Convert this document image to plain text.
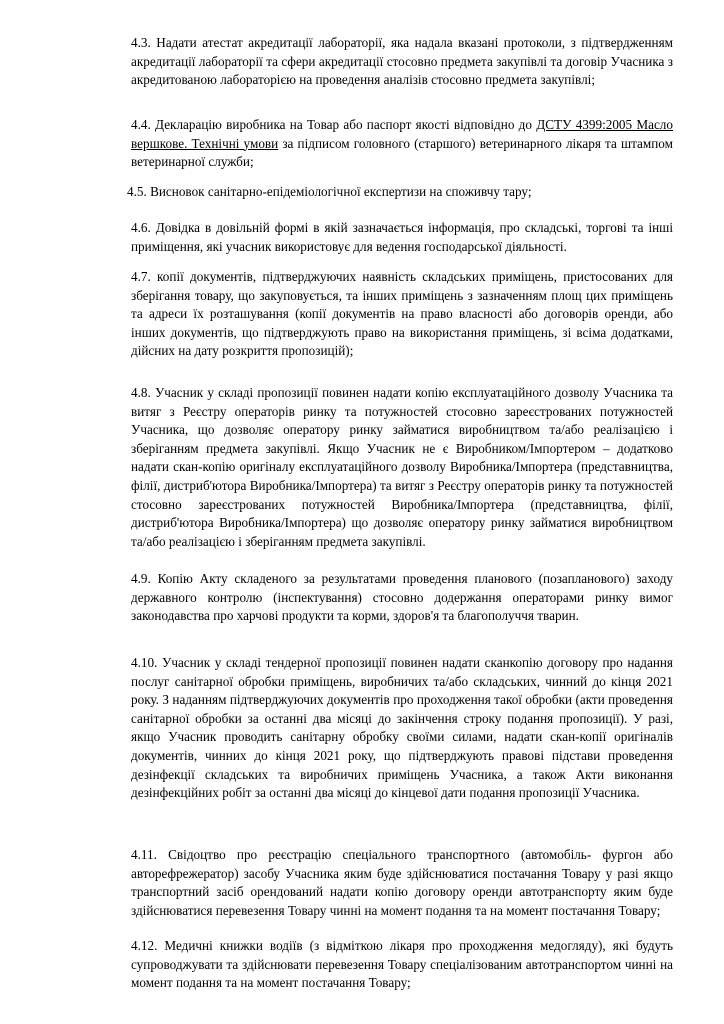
4.3. Надати атестат акредитації лабораторії, яка надала вказані протоколи, з підтвердженням акредитації лабораторії та сфери акредитації стосовно предмета закупівлі та договір Учасника з акредитованою лабораторією на проведення аналізів стосовно предмета закупівлі;

4.4. Декларацію виробника на Товар або паспорт якості відповідно до ДСТУ 4399:2005 Масло вершкове. Технічні умови за підписом головного (старшого) ветеринарного лікаря та штампом ветеринарної служби;

4.5. Висновок санітарно-епідеміологічної експертизи на споживчу тару;

4.6. Довідка в довільній формі в якій зазначається інформація, про складські, торгові та інші приміщення, які учасник використовує для ведення господарської діяльності.

4.7. копії документів, підтверджуючих наявність складських приміщень, пристосованих для зберігання товару, що закуповується, та інших приміщень з зазначенням площ цих приміщень та адреси їх розташування (копії документів на право власності або договорів оренди, або інших документів, що підтверджують право на використання приміщень, зі всіма додатками, дійсних на дату розкриття пропозицій);

4.8. Учасник у складі пропозиції повинен надати копію експлуатаційного дозволу Учасника та витяг з Реєстру операторів ринку та потужностей стосовно зареєстрованих потужностей Учасника, що дозволяє оператору ринку займатися виробництвом та/або реалізацією і зберіганням предмета закупівлі. Якщо Учасник не є Виробником/Імпортером – додатково надати скан-копію оригіналу експлуатаційного дозволу Виробника/Імпортера (представництва, філії, дистриб'ютора Виробника/Імпортера) та витяг з Реєстру операторів ринку та потужностей стосовно зареєстрованих потужностей Виробника/Імпортера (представництва, філії, дистриб'ютора Виробника/Імпортера) що дозволяє оператору ринку займатися виробництвом та/або реалізацією і зберіганням предмета закупівлі.

4.9. Копію Акту складеного за результатами проведення планового (позапланового) заходу державного контролю (інспектування) стосовно додержання операторами ринку вимог законодавства про харчові продукти та корми, здоров'я та благополуччя тварин.

4.10. Учасник у складі тендерної пропозиції повинен надати сканкопію договору про надання послуг санітарної обробки приміщень, виробничих та/або складських, чинний до кінця 2021 року. З наданням підтверджуючих документів про проходження такої обробки (акти проведення санітарної обробки за останні два місяці до закінчення строку подання пропозиції). У разі, якщо Учасник проводить санітарну обробку своїми силами, надати скан-копії оригіналів документів, чинних до кінця 2021 року, що підтверджують правові підстави проведення дезінфекції складських та виробничих приміщень Учасника, а також Акти виконання дезінфекційних робіт за останні два місяці до кінцевої дати подання пропозиції Учасника.

4.11. Свідоцтво про реєстрацію спеціального транспортного (автомобіль- фургон або авторефрежератор) засобу Учасника яким буде здійснюватися постачання Товару у разі якщо транспортний засіб орендований надати копію договору оренди автотранспорту яким буде здійснюватися перевезення Товару чинні на момент подання та на момент постачання Товару;

4.12. Медичні книжки водіїв (з відміткою лікаря про проходження медогляду), які будуть супроводжувати та здійснювати перевезення Товару спеціалізованим автотранспортом чинні на момент подання та на момент постачання Товару;
